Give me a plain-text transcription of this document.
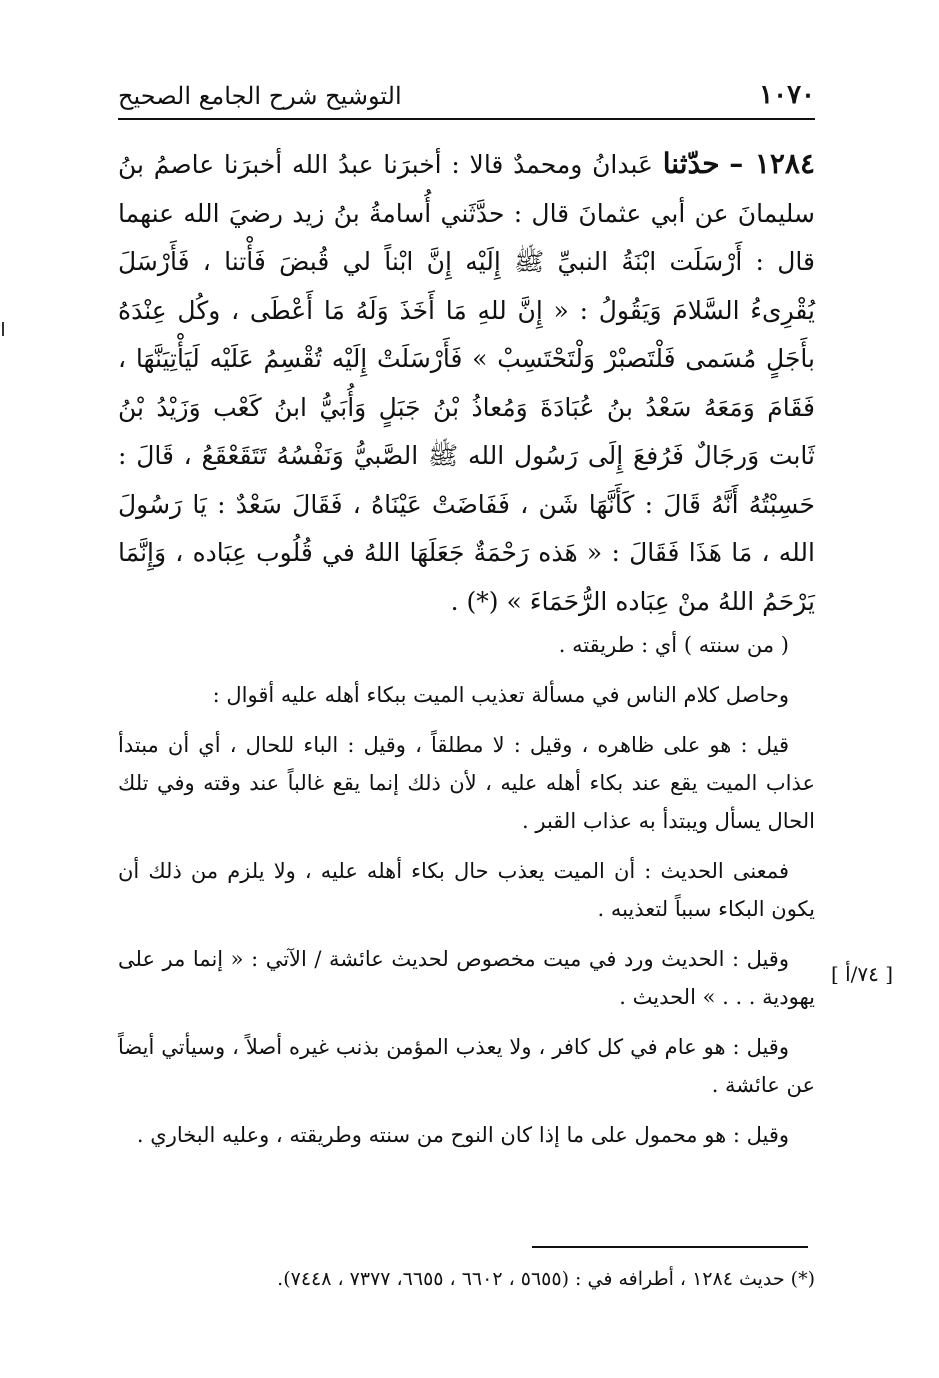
١٠٧٠
التوشيح شرح الجامع الصحيح

١٢٨٤ – حدّثنا عَبدانُ ومحمدٌ قالا : أخبرَنا عبدُ الله أخبرَنا عاصمُ بنُ سليمانَ عن أبي عثمانَ قال : حدَّثَني أُسامةُ بنُ زيد رضيَ الله عنهما قال : أَرْسَلَت ابْنَةُ النبيِّ ﷺ إِلَيْه إِنَّ ابْناً لي قُبضَ فَأْتنا ، فَأَرْسَلَ يُقْرِىءُ السَّلامَ وَيَقُولُ : « إِنَّ للهِ مَا أَخَذَ وَلَهُ مَا أَعْطَى ، وكُل عِنْدَهُ بأَجَلٍ مُسَمى فَلْتَصبْرْ وَلْتَحْتَسِبْ » فَأَرْسَلَتْ إِلَيْه تُقْسِمُ عَلَيْه لَيَأْتِيَنَّهَا ، فَقَامَ وَمَعَهُ سَعْدُ بنُ عُبَادَةَ وَمُعاذُ بْنُ جَبَلٍ وَأُبَيُّ ابنُ كَعْب وَزَيْدُ بْنُ ثَابت وَرجَالٌ فَرُفعَ إِلَى رَسُول الله ﷺ الصَّبيُّ وَنَفْسُهُ تَتَقَعْقَعُ ، قَالَ : حَسِبْتُهُ أَنَّهُ قَالَ : كَأَنَّهَا شَن ، فَفَاضَتْ عَيْنَاهُ ، فَقَالَ سَعْدٌ : يَا رَسُولَ الله ، مَا هَذَا فَقَالَ : « هَذه رَحْمَةٌ جَعَلَهَا اللهُ في قُلُوب عِبَاده ، وَإِنَّمَا يَرْحَمُ اللهُ منْ عِبَاده الرُّحَمَاءَ » (*) .

( من سنته ) أي : طريقته .

وحاصل كلام الناس في مسألة تعذيب الميت ببكاء أهله عليه أقوال :

قيل : هو على ظاهره ، وقيل : لا مطلقاً ، وقيل : الباء للحال ، أي أن مبتدأ عذاب الميت يقع عند بكاء أهله عليه ، لأن ذلك إنما يقع غالباً عند وقته وفي تلك الحال يسأل ويبتدأ به عذاب القبر .

فمعنى الحديث : أن الميت يعذب حال بكاء أهله عليه ، ولا يلزم من ذلك أن يكون البكاء سبباً لتعذيبه .

وقيل : الحديث ورد في ميت مخصوص لحديث عائشة / الآتي : « إنما مر على يهودية . . . » الحديث .

وقيل : هو عام في كل كافر ، ولا يعذب المؤمن بذنب غيره أصلاً ، وسيأتي أيضاً عن عائشة .

وقيل : هو محمول على ما إذا كان النوح من سنته وطريقته ، وعليه البخاري .

[ ٧٤/أ ]
(*) حديث ١٢٨٤ ، أطرافه في : (٥٦٥٥ ، ٦٦٠٢ ، ٦٦٥٥، ٧٣٧٧ ، ٧٤٤٨).
